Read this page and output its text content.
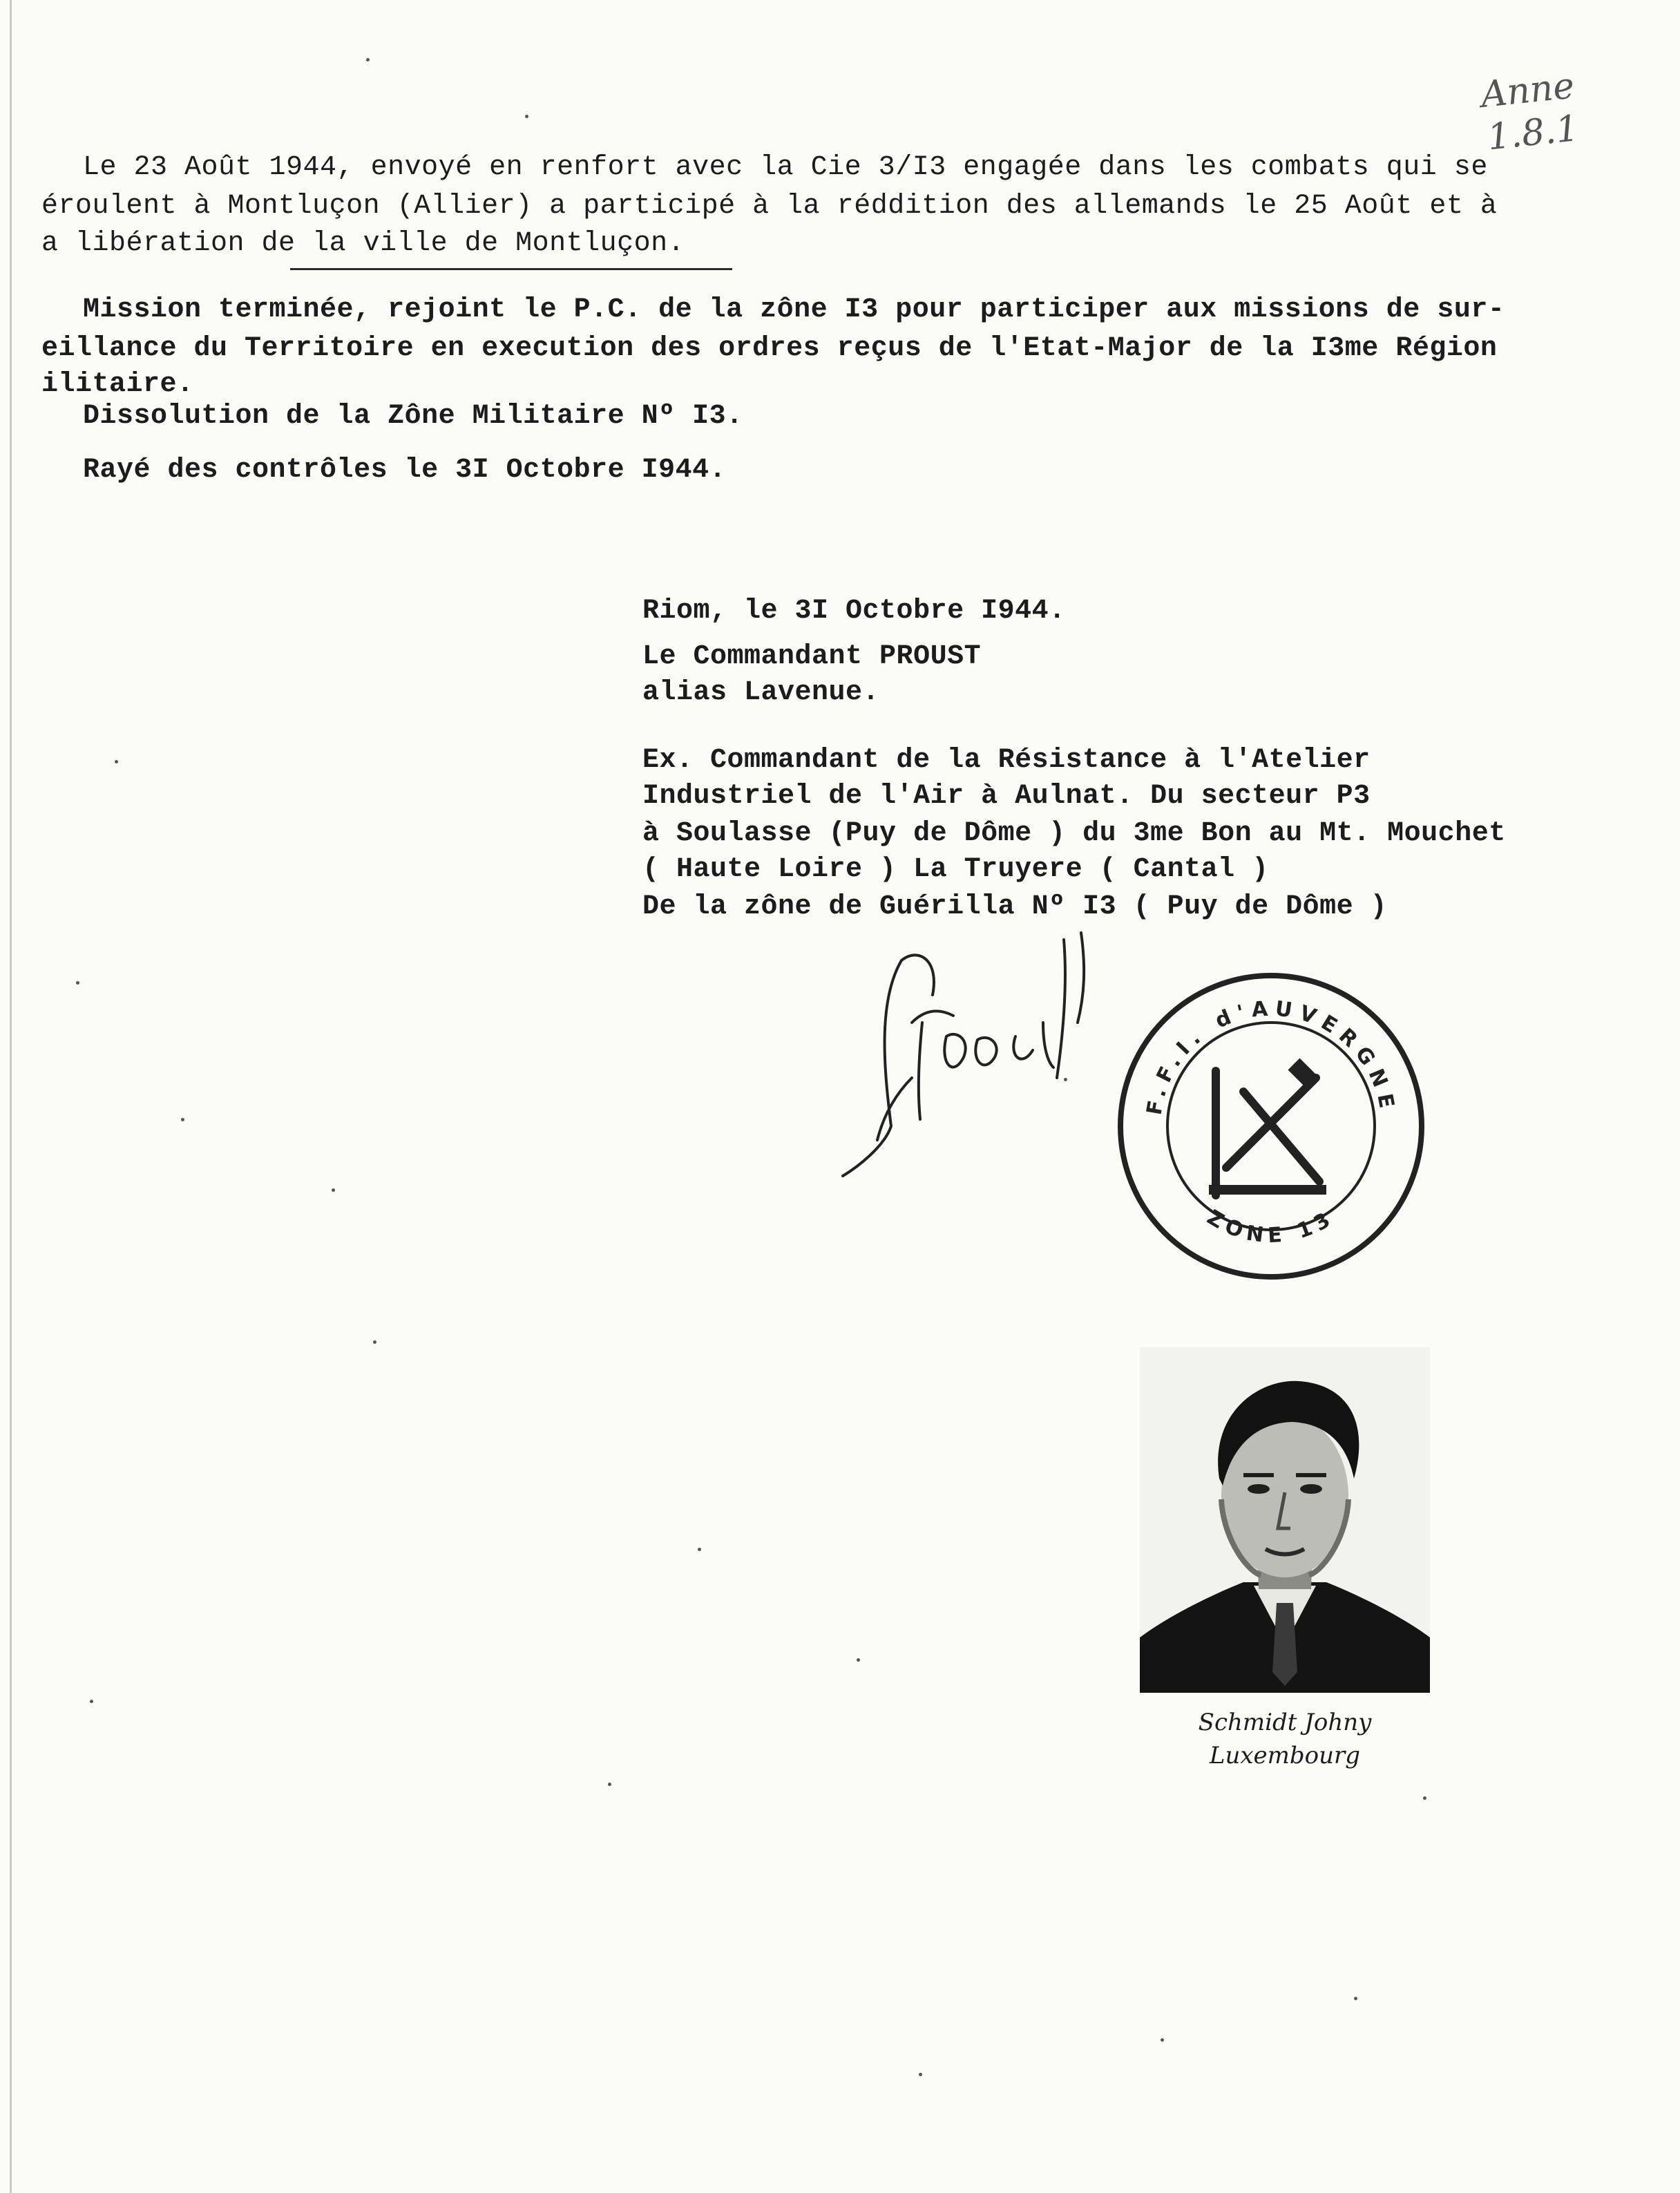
Anne
1.8.1
Le 23 Août 1944, envoyé en renfort avec la Cie 3/I3 engagée dans les combats qui se
éroulent à Montluçon (Allier) a participé à la réddition des allemands le 25 Août et à
a libération de la ville de Montluçon.
Mission terminée, rejoint le P.C. de la zône I3 pour participer aux missions de sur-
eillance du Territoire en execution des ordres reçus de l'Etat-Major de la I3me Région
ilitaire.
Dissolution de la Zône Militaire Nº I3.
Rayé des contrôles le 3I Octobre I944.
Riom, le 3I Octobre I944.
Le Commandant PROUST
alias Lavenue.
Ex. Commandant de la Résistance à l'Atelier
Industriel de l'Air à Aulnat. Du secteur P3
à Soulasse (Puy de Dôme ) du 3me Bon au Mt. Mouchet
( Haute Loire ) La Truyere ( Cantal )
De la zône de Guérilla Nº I3 ( Puy de Dôme )
F.F.I. d'AUVERGNE
ZONE 13
Schmidt Johny
Luxembourg
